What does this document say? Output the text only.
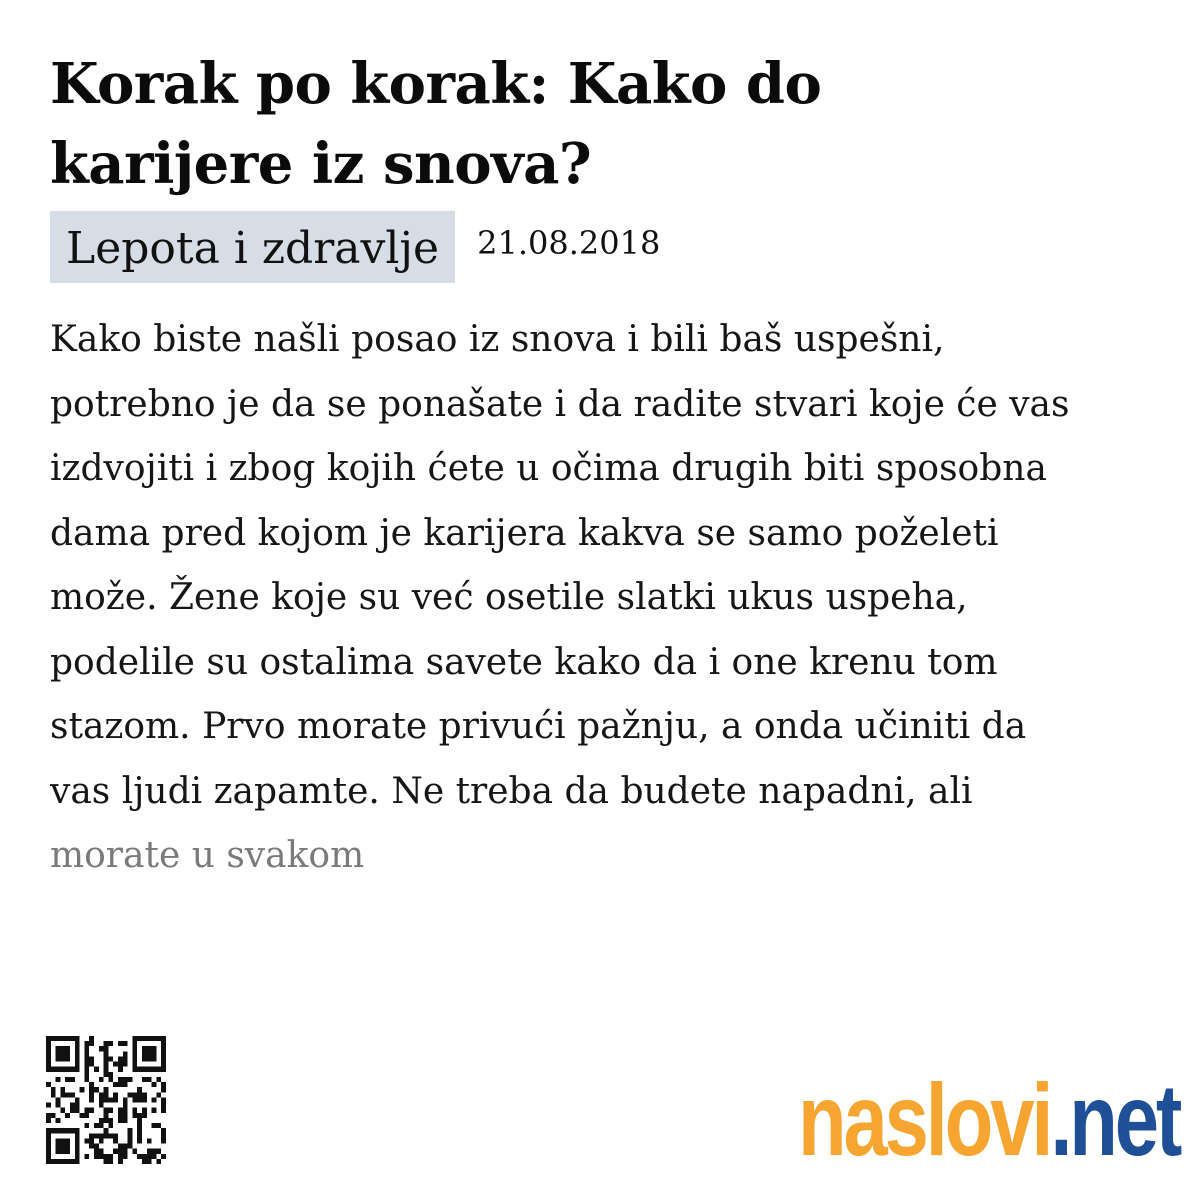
Korak po korak: Kako do
karijere iz snova?
Lepota i zdravlje	21.08.2018

Kako biste našli posao iz snova i bili baš uspešni,
potrebno je da se ponašate i da radite stvari koje će vas
izdvojiti i zbog kojih ćete u očima drugih biti sposobna
dama pred kojom je karijera kakva se samo poželeti
može. Žene koje su već osetile slatki ukus uspeha,
podelile su ostalima savete kako da i one krenu tom
stazom. Prvo morate privući pažnju, a onda učiniti da
vas ljudi zapamte. Ne treba da budete napadni, ali
morate u svakom

naslovi . net
